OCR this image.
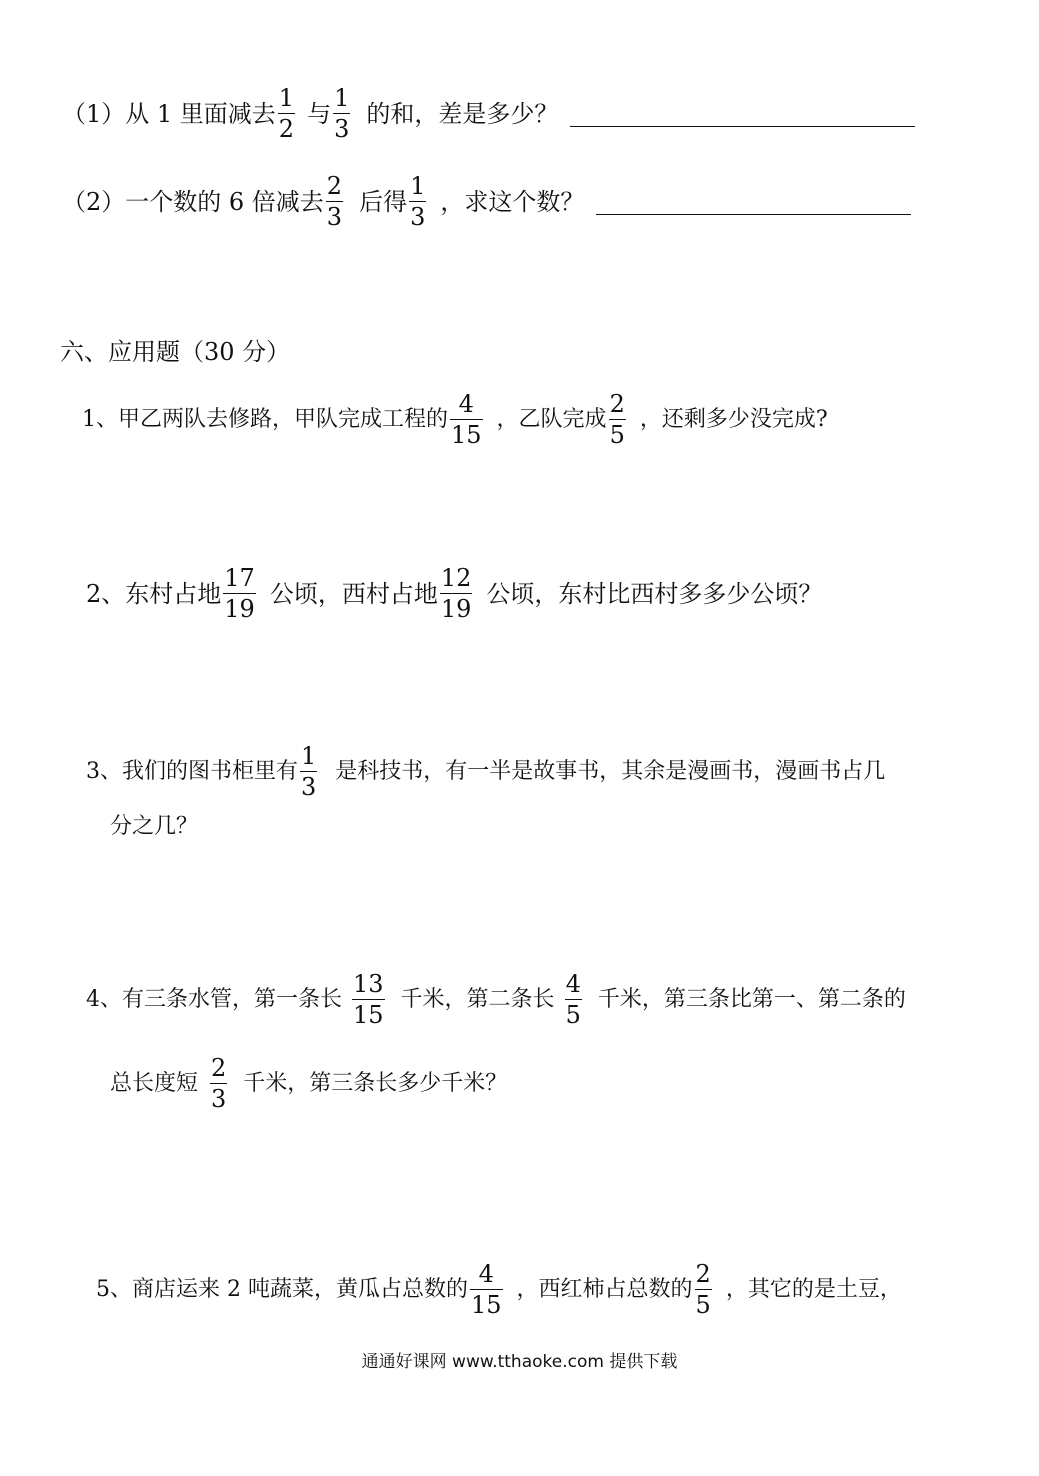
（1）从 1 里面减去 $\frac{1}{2}$ 与 $\frac{1}{3}$ 的和，差是多少？
（2）一个数的 6 倍减去 $\frac{2}{3}$ 后得 $\frac{1}{3}$ ，求这个数？
六、应用题（30 分）
1、甲乙两队去修路，甲队完成工程的 $\frac{4}{15}$ ，乙队完成 $\frac{2}{5}$ ，还剩多少没完成?
2、东村占地 $\frac{17}{19}$ 公顷，西村占地 $\frac{12}{19}$ 公顷，东村比西村多多少公顷？
3、我们的图书柜里有 $\frac{1}{3}$ 是科技书，有一半是故事书，其余是漫画书，漫画书占几
分之几？
4、有三条水管，第一条长 $\frac{13}{15}$ 千米，第二条长 $\frac{4}{5}$ 千米，第三条比第一、第二条的
总长度短 $\frac{2}{3}$ 千米，第三条长多少千米？
5、商店运来 2 吨蔬菜，黄瓜占总数的 $\frac{4}{15}$ ，西红柿占总数的 $\frac{2}{5}$ ，其它的是土豆，
通通好课网 www.tthaoke.com 提供下载
